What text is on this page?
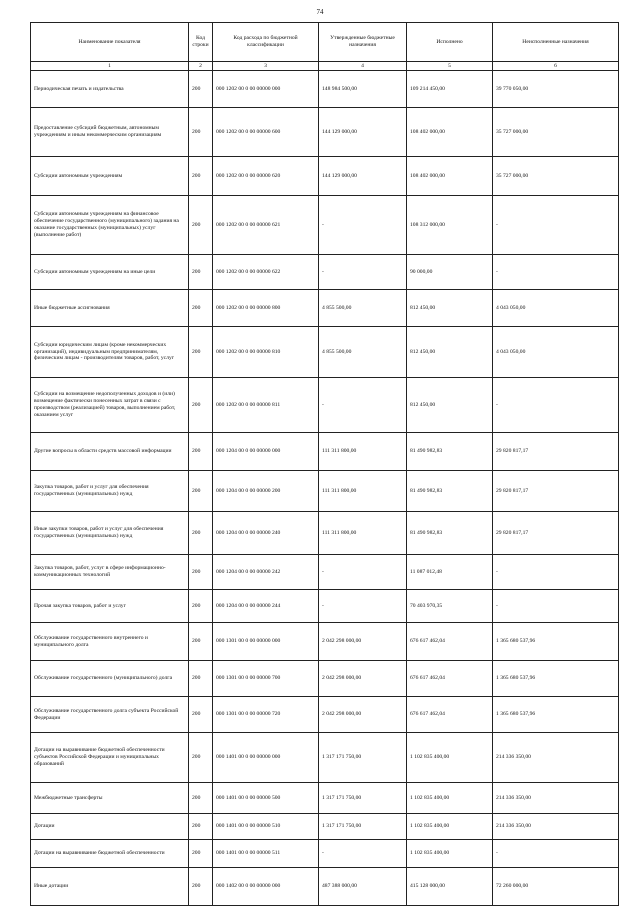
74
Наименование показателя	Код строки	Код расхода по бюджетной классификации	Утвержденные бюджетные назначения	Исполнено	Неисполненные назначения
1	2	3	4	5	6
Периодическая печать и издательства	200	000 1202 00 0 00 00000 000	148 984 500,00	109 214 450,00	39 770 050,00
Предоставление субсидий бюджетным, автономным учреждениям и иным некоммерческим организациям	200	000 1202 00 0 00 00000 600	144 129 000,00	108 402 000,00	35 727 000,00
Субсидии автономным учреждениям	200	000 1202 00 0 00 00000 620	144 129 000,00	108 402 000,00	35 727 000,00
Субсидии автономным учреждениям на финансовое обеспечение государственного (муниципального) задания на оказание государственных (муниципальных) услуг (выполнение работ)	200	000 1202 00 0 00 00000 621	-	108 312 000,00	-
Субсидии автономным учреждениям на иные цели	200	000 1202 00 0 00 00000 622	-	90 000,00	-
Иные бюджетные ассигнования	200	000 1202 00 0 00 00000 800	4 855 500,00	812 450,00	4 043 050,00
Субсидии юридическим лицам (кроме некоммерческих организаций), индивидуальным предпринимателям, физическим лицам - производителям товаров, работ, услуг	200	000 1202 00 0 00 00000 810	4 855 500,00	812 450,00	4 043 050,00
Субсидии на возмещение недополученных доходов и (или) возмещение фактически понесенных затрат в связи с производством (реализацией) товаров, выполнением работ, оказанием услуг	200	000 1202 00 0 00 00000 811	-	812 450,00	-
Другие вопросы в области средств массовой информации	200	000 1204 00 0 00 00000 000	111 311 800,00	81 490 982,83	29 820 817,17
Закупка товаров, работ и услуг для обеспечения государственных (муниципальных) нужд	200	000 1204 00 0 00 00000 200	111 311 800,00	81 490 982,83	29 820 817,17
Иные закупки товаров, работ и услуг для обеспечения государственных (муниципальных) нужд	200	000 1204 00 0 00 00000 240	111 311 800,00	81 490 982,83	29 820 817,17
Закупка товаров, работ, услуг в сфере информационно-коммуникационных технологий	200	000 1204 00 0 00 00000 242	-	11 087 012,48	-
Прочая закупка товаров, работ и услуг	200	000 1204 00 0 00 00000 244	-	70 403 970,35	-
Обслуживание государственного внутреннего и муниципального долга	200	000 1301 00 0 00 00000 000	2 042 298 000,00	676 617 462,04	1 365 680 537,96
Обслуживание государственного (муниципального) долга	200	000 1301 00 0 00 00000 700	2 042 298 000,00	676 617 462,04	1 365 680 537,96
Обслуживание государственного долга субъекта Российской Федерации	200	000 1301 00 0 00 00000 720	2 042 298 000,00	676 617 462,04	1 365 680 537,96
Дотации на выравнивание бюджетной обеспеченности субъектов Российской Федерации и муниципальных образований	200	000 1401 00 0 00 00000 000	1 317 171 750,00	1 102 835 400,00	214 336 350,00
Межбюджетные трансферты	200	000 1401 00 0 00 00000 500	1 317 171 750,00	1 102 835 400,00	214 336 350,00
Дотации	200	000 1401 00 0 00 00000 510	1 317 171 750,00	1 102 835 400,00	214 336 350,00
Дотации на выравнивание бюджетной обеспеченности	200	000 1401 00 0 00 00000 511	-	1 102 835 400,00	-
Иные дотации	200	000 1402 00 0 00 00000 000	487 388 000,00	415 128 000,00	72 260 000,00
